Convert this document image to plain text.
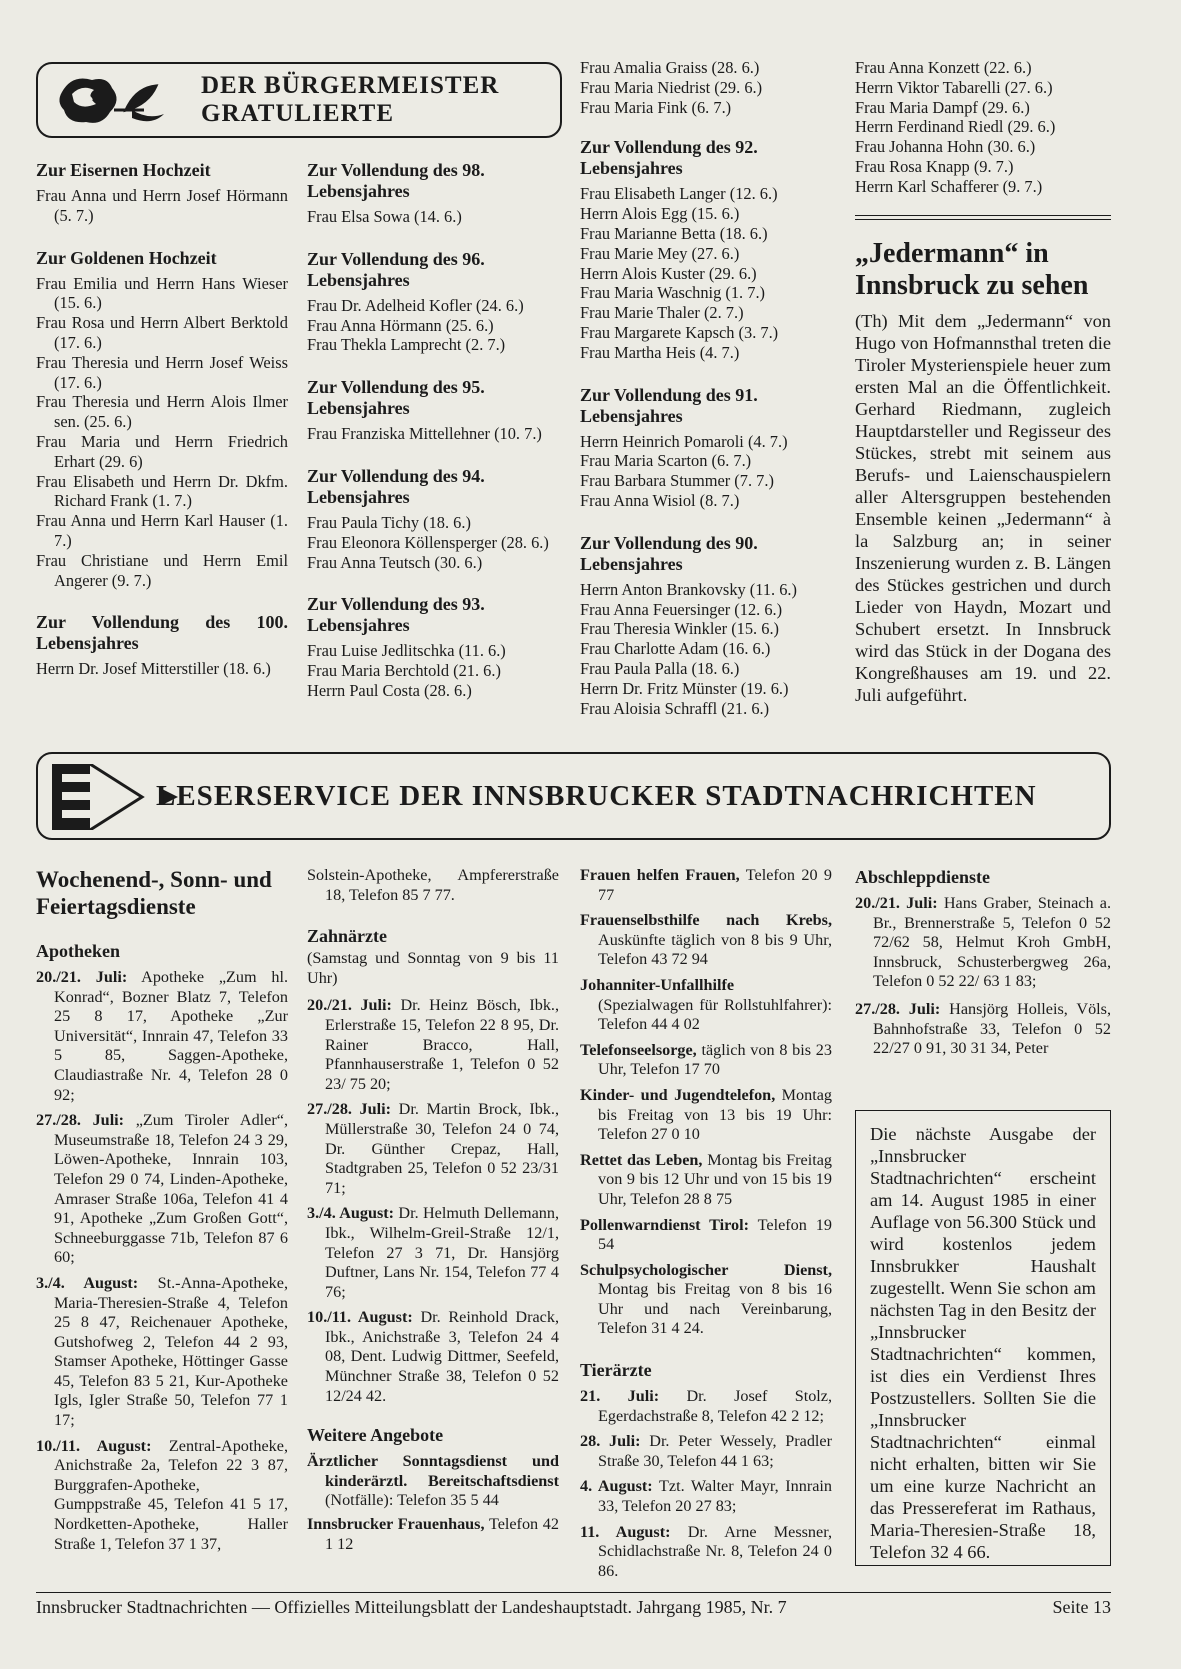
DER BÜRGERMEISTER
GRATULIERTE
Zur Eisernen Hochzeit

Frau Anna und Herrn Josef Hörmann (5. 7.)

Zur Goldenen Hochzeit

Frau Emilia und Herrn Hans Wieser (15. 6.)

Frau Rosa und Herrn Albert Berktold (17. 6.)

Frau Theresia und Herrn Josef Weiss (17. 6.)

Frau Theresia und Herrn Alois Ilmer sen. (25. 6.)

Frau Maria und Herrn Friedrich Erhart (29. 6)

Frau Elisabeth und Herrn Dr. Dkfm. Richard Frank (1. 7.)

Frau Anna und Herrn Karl Hauser (1. 7.)

Frau Christiane und Herrn Emil Angerer (9. 7.)

Zur Vollendung des 100. Lebensjahres

Herrn Dr. Josef Mitterstiller (18. 6.)

Zur Vollendung des 98. Lebensjahres

Frau Elsa Sowa (14. 6.)

Zur Vollendung des 96. Lebensjahres

Frau Dr. Adelheid Kofler (24. 6.)

Frau Anna Hörmann (25. 6.)

Frau Thekla Lamprecht (2. 7.)

Zur Vollendung des 95. Lebensjahres

Frau Franziska Mittellehner (10. 7.)

Zur Vollendung des 94. Lebensjahres

Frau Paula Tichy (18. 6.)

Frau Eleonora Köllensperger (28. 6.)

Frau Anna Teutsch (30. 6.)

Zur Vollendung des 93. Lebensjahres

Frau Luise Jedlitschka (11. 6.)

Frau Maria Berchtold (21. 6.)

Herrn Paul Costa (28. 6.)

Frau Amalia Graiss (28. 6.)

Frau Maria Niedrist (29. 6.)

Frau Maria Fink (6. 7.)

Zur Vollendung des 92. Lebensjahres

Frau Elisabeth Langer (12. 6.)

Herrn Alois Egg (15. 6.)

Frau Marianne Betta (18. 6.)

Frau Marie Mey (27. 6.)

Herrn Alois Kuster (29. 6.)

Frau Maria Waschnig (1. 7.)

Frau Marie Thaler (2. 7.)

Frau Margarete Kapsch (3. 7.)

Frau Martha Heis (4. 7.)

Zur Vollendung des 91. Lebensjahres

Herrn Heinrich Pomaroli (4. 7.)

Frau Maria Scarton (6. 7.)

Frau Barbara Stummer (7. 7.)

Frau Anna Wisiol (8. 7.)

Zur Vollendung des 90. Lebensjahres

Herrn Anton Brankovsky (11. 6.)

Frau Anna Feuersinger (12. 6.)

Frau Theresia Winkler (15. 6.)

Frau Charlotte Adam (16. 6.)

Frau Paula Palla (18. 6.)

Herrn Dr. Fritz Münster (19. 6.)

Frau Aloisia Schraffl (21. 6.)

Frau Anna Konzett (22. 6.)

Herrn Viktor Tabarelli (27. 6.)

Frau Maria Dampf (29. 6.)

Herrn Ferdinand Riedl (29. 6.)

Frau Johanna Hohn (30. 6.)

Frau Rosa Knapp (9. 7.)

Herrn Karl Schafferer (9. 7.)

„Jedermann“ in Innsbruck zu sehen
(Th) Mit dem „Jedermann“ von Hugo von Hofmannsthal treten die Tiroler Mysterienspiele heuer zum ersten Mal an die Öffentlichkeit. Gerhard Riedmann, zugleich Hauptdarsteller und Regisseur des Stückes, strebt mit seinem aus Berufs- und Laienschauspielern aller Altersgruppen bestehenden Ensemble keinen „Jedermann“ à la Salzburg an; in seiner Inszenierung wurden z. B. Längen des Stückes gestrichen und durch Lieder von Haydn, Mozart und Schubert ersetzt. In Innsbruck wird das Stück in der Dogana des Kongreßhauses am 19. und 22. Juli aufgeführt.
LESERSERVICE DER INNSBRUCKER STADTNACHRICHTEN
Wochenend-, Sonn- und Feiertagsdienste
Apotheken

20./21. Juli: Apotheke „Zum hl. Konrad“, Bozner Blatz 7, Telefon 25 8 17, Apotheke „Zur Universität“, Innrain 47, Telefon 33 5 85, Saggen-Apotheke, Claudiastraße Nr. 4, Telefon 28 0 92;

27./28. Juli: „Zum Tiroler Adler“, Museumstraße 18, Telefon 24 3 29, Löwen-Apotheke, Innrain 103, Telefon 29 0 74, Linden-Apotheke, Amraser Straße 106a, Telefon 41 4 91, Apotheke „Zum Großen Gott“, Schneeburggasse 71b, Telefon 87 6 60;

3./4. August: St.-Anna-Apotheke, Maria-Theresien-Straße 4, Telefon 25 8 47, Reichenauer Apotheke, Gutshofweg 2, Telefon 44 2 93, Stamser Apotheke, Höttinger Gasse 45, Telefon 83 5 21, Kur-Apotheke Igls, Igler Straße 50, Telefon 77 1 17;

10./11. August: Zentral-Apotheke, Anichstraße 2a, Telefon 22 3 87, Burggrafen-Apotheke, Gumppstraße 45, Telefon 41 5 17, Nordketten-Apotheke, Haller Straße 1, Telefon 37 1 37,

Solstein-Apotheke, Ampfererstraße 18, Telefon 85 7 77.

Zahnärzte

(Samstag und Sonntag von 9 bis 11 Uhr)

20./21. Juli: Dr. Heinz Bösch, Ibk., Erlerstraße 15, Telefon 22 8 95, Dr. Rainer Bracco, Hall, Pfannhauserstraße 1, Telefon 0 52 23/ 75 20;

27./28. Juli: Dr. Martin Brock, Ibk., Müllerstraße 30, Telefon 24 0 74, Dr. Günther Crepaz, Hall, Stadtgraben 25, Telefon 0 52 23/31 71;

3./4. August: Dr. Helmuth Dellemann, Ibk., Wilhelm-Greil-Straße 12/1, Telefon 27 3 71, Dr. Hansjörg Duftner, Lans Nr. 154, Telefon 77 4 76;

10./11. August: Dr. Reinhold Drack, Ibk., Anichstraße 3, Telefon 24 4 08, Dent. Ludwig Dittmer, Seefeld, Münchner Straße 38, Telefon 0 52 12/24 42.

Weitere Angebote

Ärztlicher Sonntagsdienst und kinderärztl. Bereitschaftsdienst (Notfälle): Telefon 35 5 44

Innsbrucker Frauenhaus, Telefon 42 1 12

Frauen helfen Frauen, Telefon 20 9 77

Frauenselbsthilfe nach Krebs, Auskünfte täglich von 8 bis 9 Uhr, Telefon 43 72 94

Johanniter-Unfallhilfe (Spezialwagen für Rollstuhlfahrer): Telefon 44 4 02

Telefonseelsorge, täglich von 8 bis 23 Uhr, Telefon 17 70

Kinder- und Jugendtelefon, Montag bis Freitag von 13 bis 19 Uhr: Telefon 27 0 10

Rettet das Leben, Montag bis Freitag von 9 bis 12 Uhr und von 15 bis 19 Uhr, Telefon 28 8 75

Pollenwarndienst Tirol: Telefon 19 54

Schulpsychologischer Dienst, Montag bis Freitag von 8 bis 16 Uhr und nach Vereinbarung, Telefon 31 4 24.

Tierärzte

21. Juli: Dr. Josef Stolz, Egerdachstraße 8, Telefon 42 2 12;

28. Juli: Dr. Peter Wessely, Pradler Straße 30, Telefon 44 1 63;

4. August: Tzt. Walter Mayr, Innrain 33, Telefon 20 27 83;

11. August: Dr. Arne Messner, Schidlachstraße Nr. 8, Telefon 24 0 86.

Abschleppdienste

20./21. Juli: Hans Graber, Steinach a. Br., Brennerstraße 5, Telefon 0 52 72/62 58, Helmut Kroh GmbH, Innsbruck, Schusterbergweg 26a, Telefon 0 52 22/ 63 1 83;

27./28. Juli: Hansjörg Holleis, Völs, Bahnhofstraße 33, Telefon 0 52 22/27 0 91, 30 31 34, Peter

Die nächste Ausgabe der „Innsbrucker Stadtnachrichten“ erscheint am 14. August 1985 in einer Auflage von 56.300 Stück und wird kostenlos jedem Innsbrukker Haushalt zugestellt. Wenn Sie schon am nächsten Tag in den Besitz der „Innsbrucker Stadtnachrichten“ kommen, ist dies ein Verdienst Ihres Postzustellers. Sollten Sie die „Innsbrucker Stadtnachrichten“ einmal nicht erhalten, bitten wir Sie um eine kurze Nachricht an das Pressereferat im Rathaus, Maria-Theresien-Straße 18, Telefon 32 4 66.
Innsbrucker Stadtnachrichten — Offizielles Mitteilungsblatt der Landeshauptstadt. Jahrgang 1985, Nr. 7	Seite 13
